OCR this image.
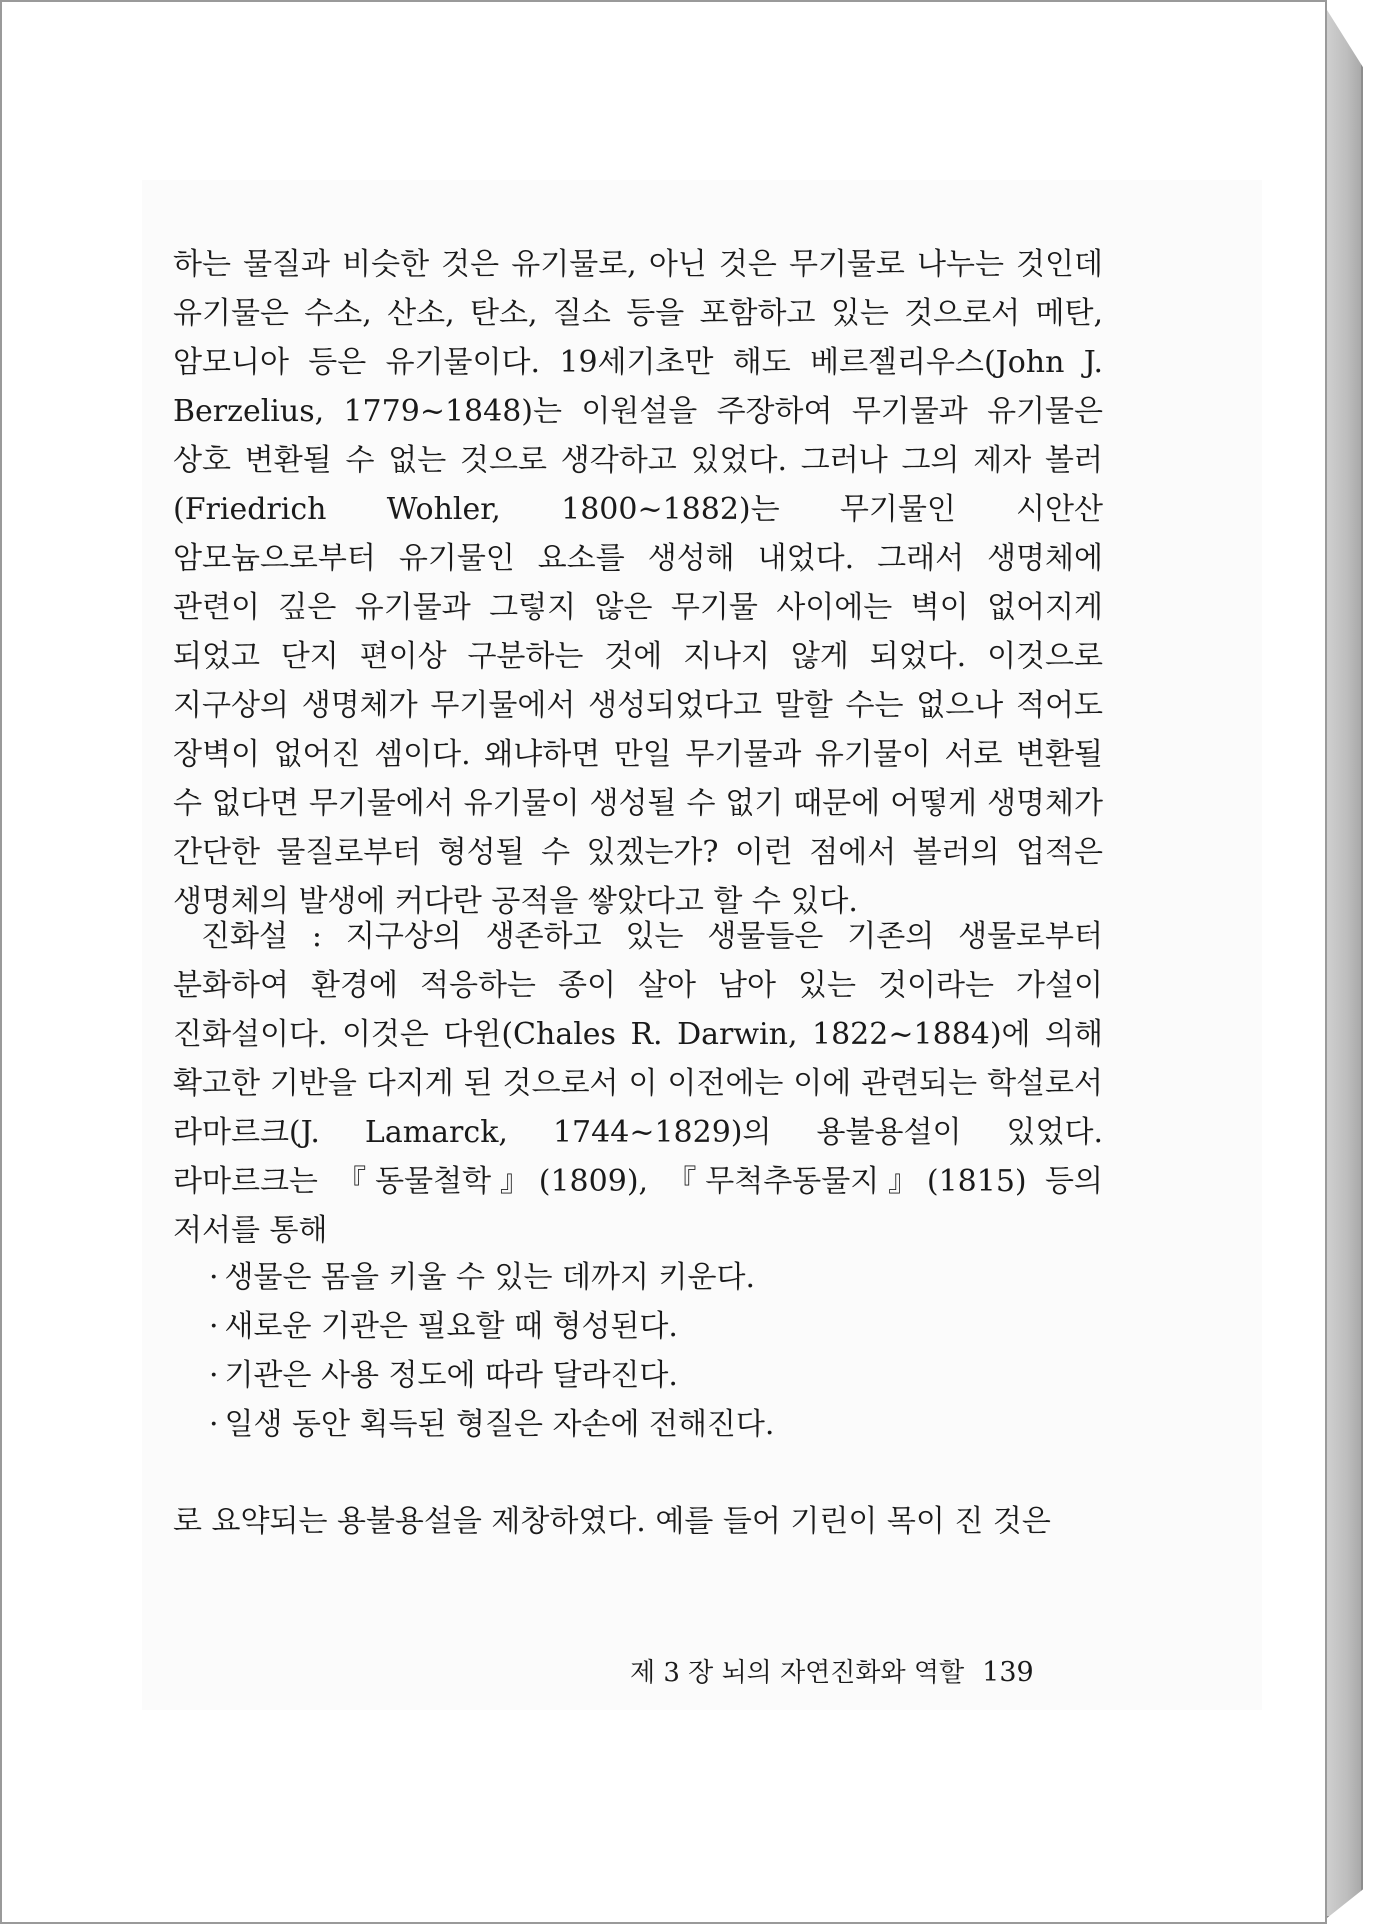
하는 물질과 비슷한 것은 유기물로, 아닌 것은 무기물로 나누는 것인데 유기물은 수소, 산소, 탄소, 질소 등을 포함하고 있는 것으로서 메탄, 암모니아 등은 유기물이다. 19세기초만 해도 베르젤리우스(John J. Berzelius, 1779~1848)는 이원설을 주장하여 무기물과 유기물은 상호 변환될 수 없는 것으로 생각하고 있었다. 그러나 그의 제자 볼러(Friedrich Wohler, 1800~1882)는 무기물인 시안산 암모늄으로부터 유기물인 요소를 생성해 내었다. 그래서 생명체에 관련이 깊은 유기물과 그렇지 않은 무기물 사이에는 벽이 없어지게 되었고 단지 편이상 구분하는 것에 지나지 않게 되었다. 이것으로 지구상의 생명체가 무기물에서 생성되었다고 말할 수는 없으나 적어도 장벽이 없어진 셈이다. 왜냐하면 만일 무기물과 유기물이 서로 변환될 수 없다면 무기물에서 유기물이 생성될 수 없기 때문에 어떻게 생명체가 간단한 물질로부터 형성될 수 있겠는가? 이런 점에서 볼러의 업적은 생명체의 발생에 커다란 공적을 쌓았다고 할 수 있다.

진화설 : 지구상의 생존하고 있는 생물들은 기존의 생물로부터 분화하여 환경에 적응하는 종이 살아 남아 있는 것이라는 가설이 진화설이다. 이것은 다윈(Chales R. Darwin, 1822~1884)에 의해 확고한 기반을 다지게 된 것으로서 이 이전에는 이에 관련되는 학설로서 라마르크(J. Lamarck, 1744~1829)의 용불용설이 있었다. 라마르크는 『동물철학』(1809), 『무척추동물지』(1815) 등의 저서를 통해

· 생물은 몸을 키울 수 있는 데까지 키운다.
· 새로운 기관은 필요할 때 형성된다.
· 기관은 사용 정도에 따라 달라진다.
· 일생 동안 획득된 형질은 자손에 전해진다.

로 요약되는 용불용설을 제창하였다. 예를 들어 기린이 목이 진 것은

제 3 장 뇌의 자연진화와 역할 139
